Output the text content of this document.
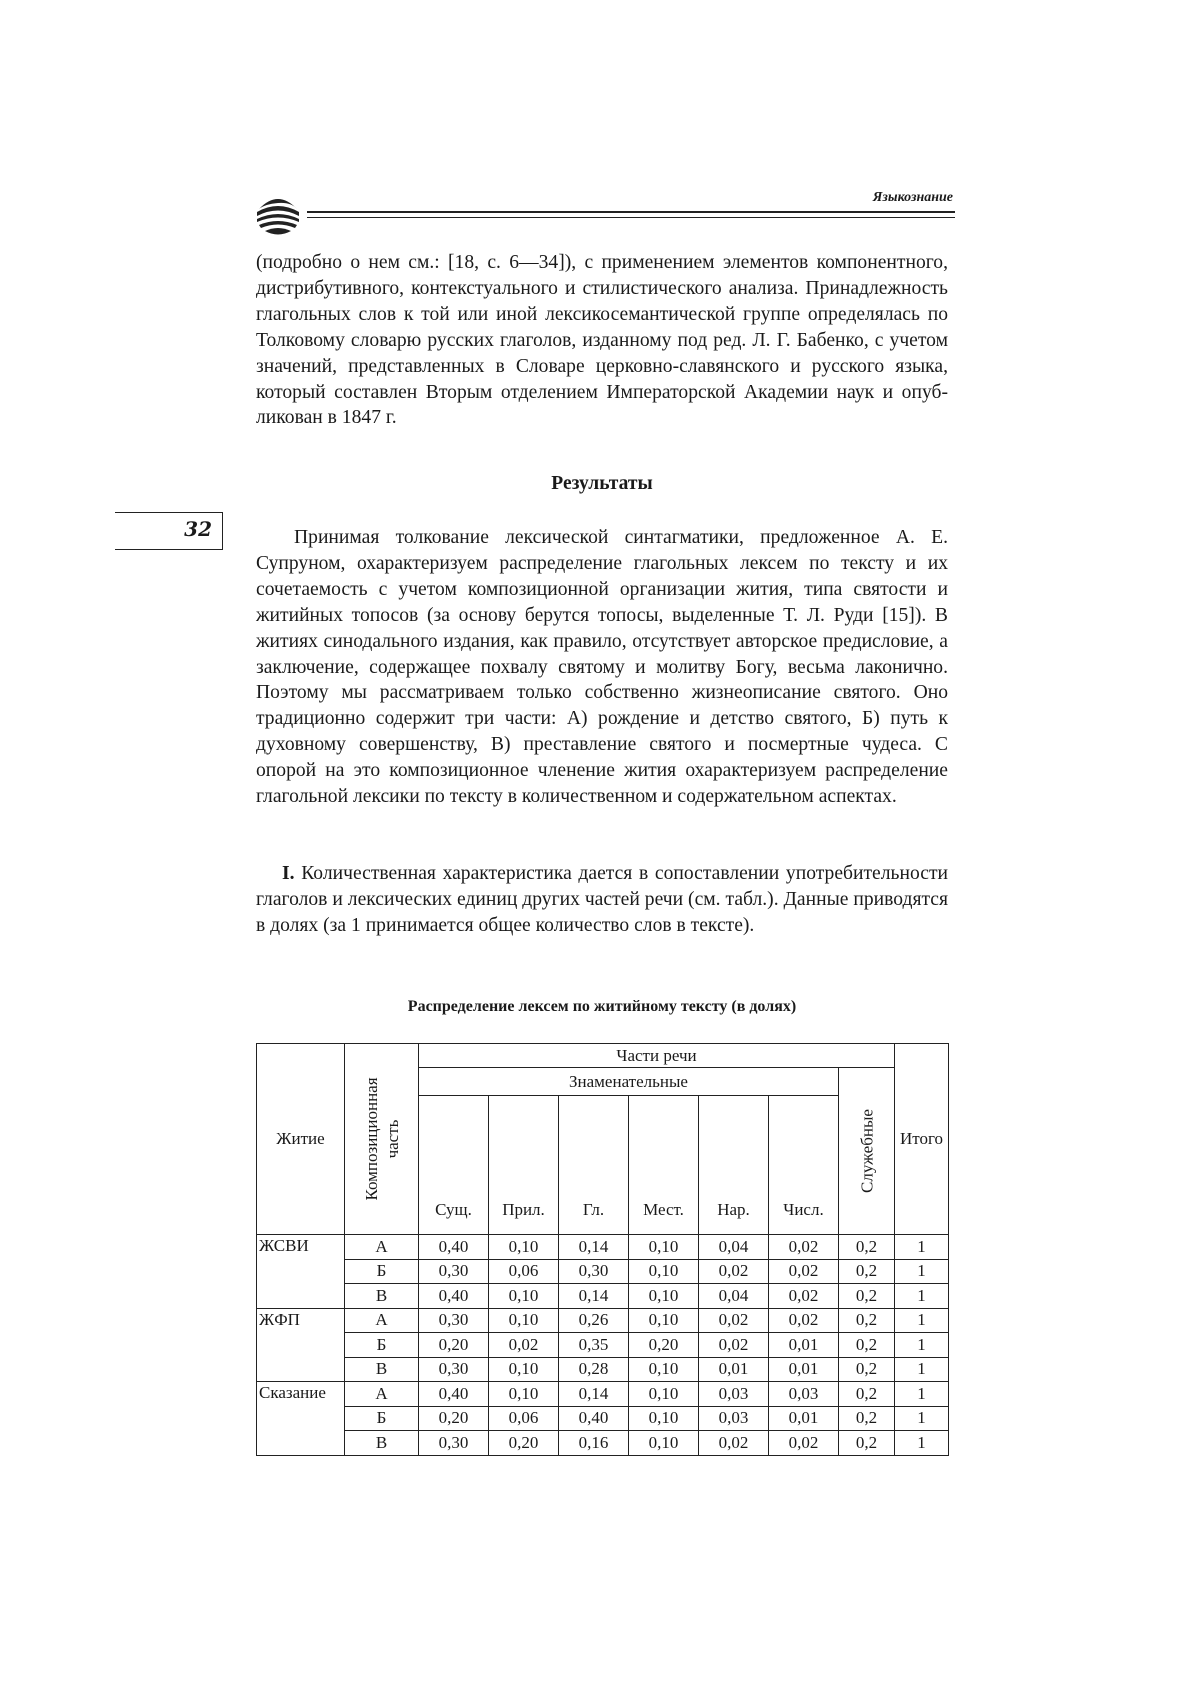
Языкознание
32

(подробно о нем см.: [18, с. 6—34]), с применением элементов компонентного, дистрибутивного, контекстуального и стилистического анализа. Принадлежность глагольных слов к той или иной лексикосемантической группе определялась по Толковому словарю русских глаголов, изданному под ред. Л. Г. Бабенко, с учетом значений, представленных в Словаре церковно-славянского и русского языка, который составлен Вторым отделением Императорской Академии наук и опубликован в 1847 г.

Результаты

Принимая толкование лексической синтагматики, предложенное А. Е. Супруном, охарактеризуем распределение глагольных лексем по тексту и их сочетаемость с учетом композиционной организации жития, типа святости и житийных топосов (за основу берутся топосы, выделенные Т. Л. Руди [15]). В житиях синодального издания, как правило, отсутствует авторское предисловие, а заключение, содержащее похвалу святому и молитву Богу, весьма лаконично. Поэтому мы рассматриваем только собственно жизнеописание святого. Оно традиционно содержит три части: А) рождение и детство святого, Б) путь к духовному совершенству, В) преставление святого и посмертные чудеса. С опорой на это композиционное членение жития охарактеризуем распределение глагольной лексики по тексту в количественном и содержательном аспектах.

I. Количественная характеристика дается в сопоставлении употребительности глаголов и лексических единиц других частей речи (см. табл.). Данные приводятся в долях (за 1 принимается общее количество слов в тексте).

Распределение лексем по житийному тексту (в долях)
Житие	Композиционная часть	Части речи							Итого
		Знаменательные						Служебные	

		Сущ.	Прил.	Гл.	Мест.	Нар.	Числ.		
ЖСВИ	А	0,40	0,10	0,14	0,10	0,04	0,02	0,2	1
	Б	0,30	0,06	0,30	0,10	0,02	0,02	0,2	1
	В	0,40	0,10	0,14	0,10	0,04	0,02	0,2	1
ЖФП	А	0,30	0,10	0,26	0,10	0,02	0,02	0,2	1
	Б	0,20	0,02	0,35	0,20	0,02	0,01	0,2	1
	В	0,30	0,10	0,28	0,10	0,01	0,01	0,2	1
Сказание	А	0,40	0,10	0,14	0,10	0,03	0,03	0,2	1
	Б	0,20	0,06	0,40	0,10	0,03	0,01	0,2	1
	В	0,30	0,20	0,16	0,10	0,02	0,02	0,2	1
